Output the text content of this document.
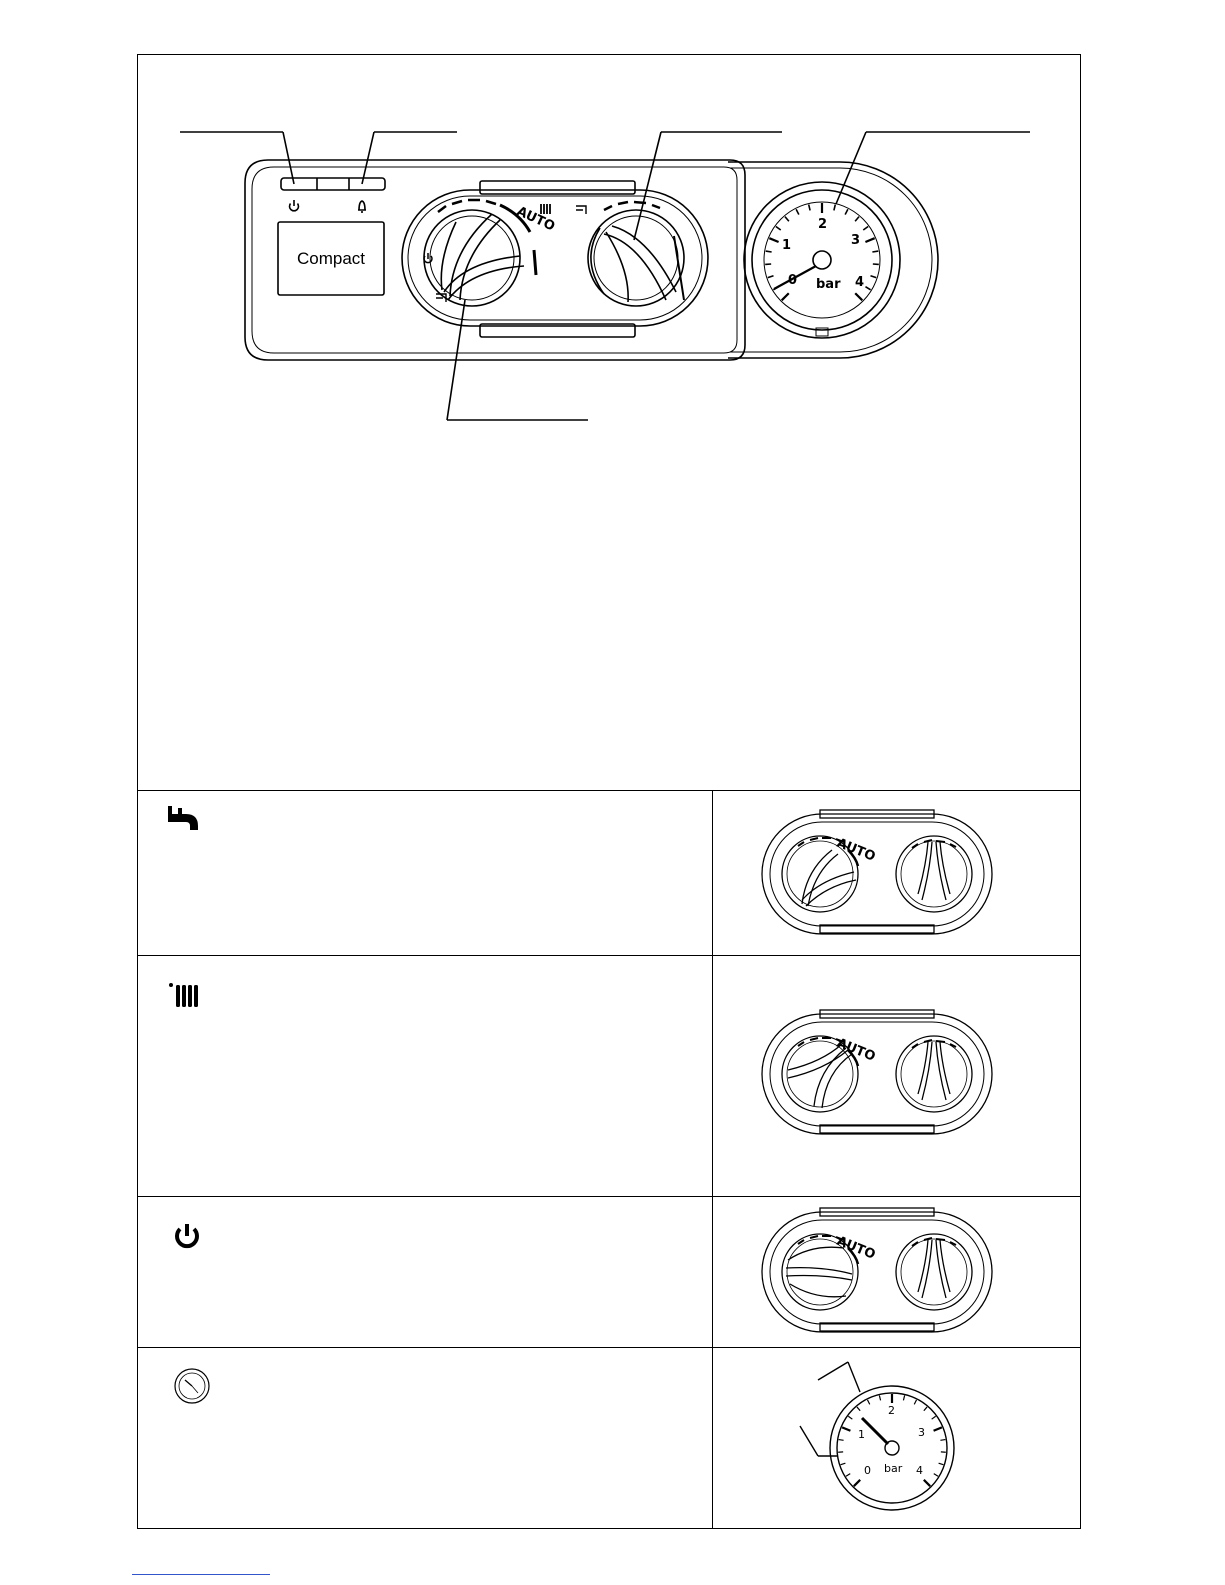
Compact
AUTO
0
1
2
3
4
bar
AUTO
AUTO
AUTO
0
1
2
3
4
bar
